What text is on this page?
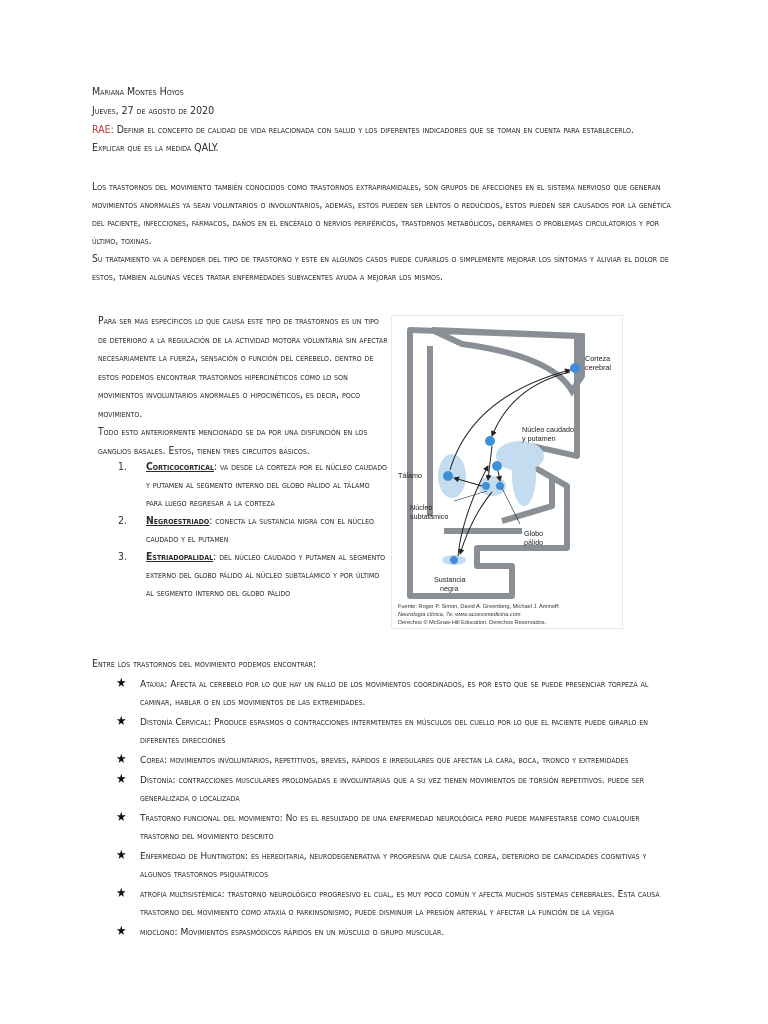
Mariana Montes Hoyos
Jueves, 27 de agosto de 2020
RAE: Definir el concepto de calidad de vida relacionada con salud y los diferentes indicadores que se toman en cuenta para establecerlo.
Explicar qué es la medida QALY.

Los trastornos del movimiento también conocidos como trastornos extrapiramidales, son grupos de afecciones en el sistema nervioso que generan movimientos anormales ya sean voluntarios o involuntarios, además, estos pueden ser lentos o reducidos, estos pueden ser causados por la genética del paciente, infecciones, fármacos, daños en el encéfalo o nervios periféricos, trastornos metabólicos, derrames o problemas circulatorios y por último, toxinas.

Su tratamiento va a depender del tipo de trastorno y este en algunos casos puede curarlos o simplemente mejorar los síntomas y aliviar el dolor de estos, también algunas veces tratar enfermedades subyacentes ayuda a mejorar los mismos.

Para ser mas específicos lo que causa este tipo de trastornos es un tipo de deterioro a la regulación de la actividad motora voluntaria sin afectar necesariamente la fuerza, sensación o función del cerebelo. dentro de estos podemos encontrar trastornos hipercinéticos como lo son movimientos involuntarios anormales o hipocinéticos, es decir, poco movimiento.

Todo esto anteriormente mencionado se da por una disfunción en los ganglios basales. Estos, tienen tres circuitos básicos.

1. Corticocortical: va desde la corteza por el núcleo caudado y putamen al segmento interno del globo pálido al tálamo para luego regresar a la corteza
2. Negroestriado: conecta la sustancia nigra con el núcleo caudado y el putamen
3. Estriadopalidal: del núcleo caudado y putamen al segmento externo del globo pálido al núcleo subtalámico y por último al segmento interno del globo pálido
Corteza cerebral
Núcleo caudado y putamen
Tálamo
Núcleo subtalámico
Globo pálido
Sustancia negra
Fuente: Roger P. Simon, David A. Greenberg, Michael J. Aminoff: Neurología clínica, 7e: www.accessmedicina.com Derechos © McGraw-Hill Education. Derechos Reservados.
Entre los trastornos del movimiento podemos encontrar:
★ Ataxia: Afecta al cerebelo por lo que hay un fallo de los movimientos coordinados, es por esto que se puede presenciar torpeza al caminar, hablar o en los movimientos de las extremidades.
★ Distonía Cervical: Produce espasmos o contracciones intermitentes en músculos del cuello por lo que el paciente puede girarlo en diferentes direcciones
★ Corea: movimientos involuntarios, repetitivos, breves, rápidos e irregulares que afectan la cara, boca, tronco y extremidades
★ Distonía: contracciones musculares prolongadas e involuntarias que a su vez tienen movimientos de torsión repetitivos. puede ser generalizada o localizada
★ Trastorno funcional del movimiento: No es el resultado de una enfermedad neurológica pero puede manifestarse como cualquier trastorno del movimiento descrito
★ Enfermedad de Huntington: es hereditaria, neurodegenerativa y progresiva que causa corea, deterioro de capacidades cognitivas y algunos trastornos psiquiátricos
★ atrofia multisistémica: trastorno neurológico progresivo el cual, es muy poco común y afecta muchos sistemas cerebrales. Esta causa trastorno del movimiento como ataxia o parkinsonismo, puede disminuir la presión arterial y afectar la función de la vejiga
★ mioclono: Movimientos espasmódicos rápidos en un músculo o grupo muscular.
